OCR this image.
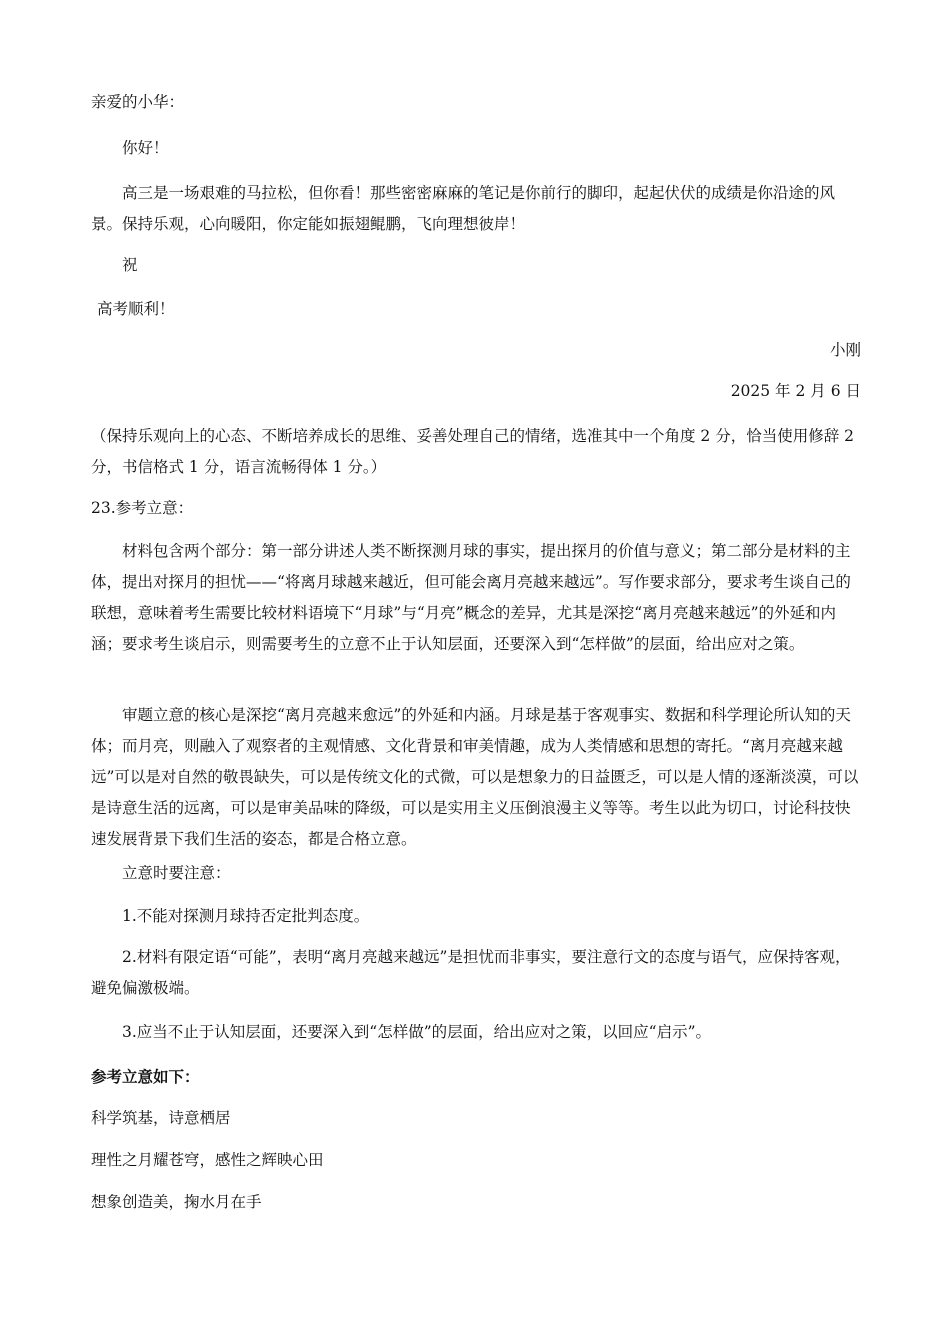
亲爱的小华：

你好！

高三是一场艰难的马拉松，但你看！那些密密麻麻的笔记是你前行的脚印，起起伏伏的成绩是你沿途的风景。保持乐观，心向暖阳，你定能如振翅鲲鹏，飞向理想彼岸！

祝

高考顺利！

小刚

2025 年 2 月 6 日

（保持乐观向上的心态、不断培养成长的思维、妥善处理自己的情绪，选准其中一个角度 2 分，恰当使用修辞 2 分，书信格式 1 分，语言流畅得体 1 分。）

23.参考立意：

材料包含两个部分：第一部分讲述人类不断探测月球的事实，提出探月的价值与意义；第二部分是材料的主体，提出对探月的担忧——“将离月球越来越近，但可能会离月亮越来越远”。写作要求部分，要求考生谈自己的联想，意味着考生需要比较材料语境下“月球”与“月亮”概念的差异，尤其是深挖“离月亮越来越远”的外延和内涵；要求考生谈启示，则需要考生的立意不止于认知层面，还要深入到“怎样做”的层面，给出应对之策。

审题立意的核心是深挖“离月亮越来愈远”的外延和内涵。月球是基于客观事实、数据和科学理论所认知的天体；而月亮，则融入了观察者的主观情感、文化背景和审美情趣，成为人类情感和思想的寄托。“离月亮越来越远”可以是对自然的敬畏缺失，可以是传统文化的式微，可以是想象力的日益匮乏，可以是人情的逐渐淡漠，可以是诗意生活的远离，可以是审美品味的降级，可以是实用主义压倒浪漫主义等等。考生以此为切口，讨论科技快速发展背景下我们生活的姿态，都是合格立意。

立意时要注意：

1.不能对探测月球持否定批判态度。

2.材料有限定语“可能”，表明“离月亮越来越远”是担忧而非事实，要注意行文的态度与语气，应保持客观，避免偏激极端。

3.应当不止于认知层面，还要深入到“怎样做”的层面，给出应对之策，以回应“启示”。

参考立意如下：

科学筑基，诗意栖居

理性之月耀苍穹，感性之辉映心田

想象创造美，掬水月在手
